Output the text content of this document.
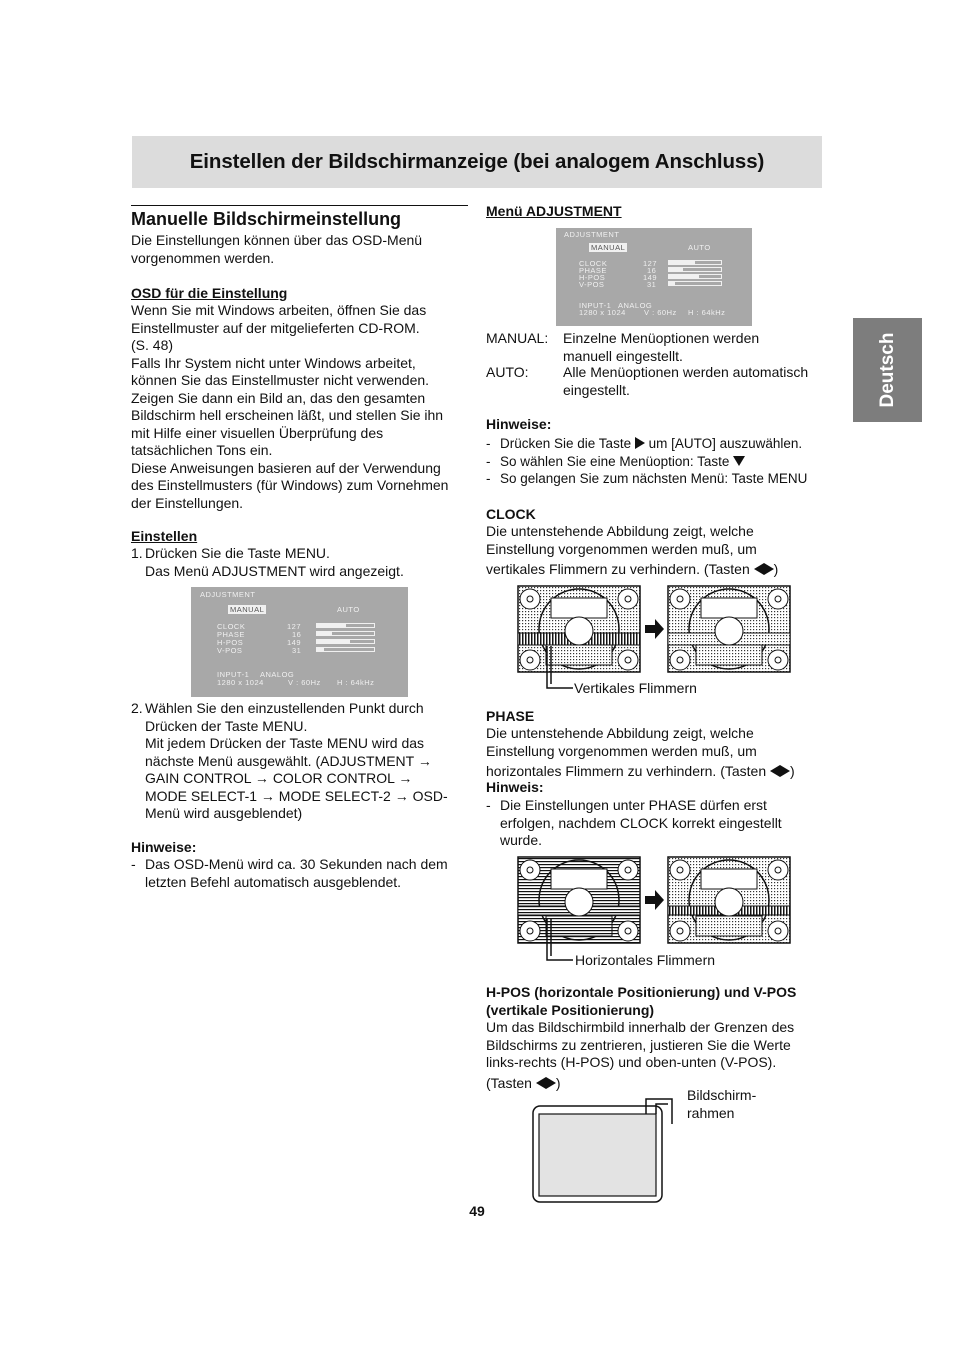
Einstellen der Bildschirmanzeige (bei analogem Anschluss)
Deutsch

Manuelle Bildschirmeinstellung

Die Einstellungen können über das OSD-Menü

vorgenommen werden.

OSD für die Einstellung

Wenn Sie mit Windows arbeiten, öffnen Sie das

Einstellmuster auf der mitgelieferten CD-ROM.

(S. 48)

Falls Ihr System nicht unter Windows arbeitet,

können Sie das Einstellmuster nicht verwenden.

Zeigen Sie dann ein Bild an, das den gesamten

Bildschirm hell erscheinen läßt, und stellen Sie ihn

mit Hilfe einer visuellen Überprüfung des

tatsächlichen Tons ein.

Diese Anweisungen basieren auf der Verwendung

des Einstellmusters (für Windows) zum Vornehmen

der Einstellungen.

Einstellen
1. Drücken Sie die Taste MENU.

Das Menü ADJUSTMENT wird angezeigt.

ADJUSTMENT
MANUAL	AUTO
CLOCK	127
PHASE	16
H-POS	149
V-POS	31
INPUT-1 ANALOG
1280 x 1024	V : 60Hz H : 64kHz
2. Wählen Sie den einzustellenden Punkt durch

Drücken der Taste MENU.

Mit jedem Drücken der Taste MENU wird das

nächste Menü ausgewählt. (ADJUSTMENT →

GAIN CONTROL → COLOR CONTROL →

MODE SELECT-1 → MODE SELECT-2 → OSD-

Menü wird ausgeblendet)

Hinweise:
- Das OSD-Menü wird ca. 30 Sekunden nach dem

letzten Befehl automatisch ausgeblendet.

Menü ADJUSTMENT
ADJUSTMENT
MANUAL	AUTO
CLOCK	127
PHASE	16
H-POS	149
V-POS	31
INPUT-1 ANALOG
1280 x 1024 V : 60Hz H : 64kHz
MANUAL: Einzelne Menüoptionen werden

manuell eingestellt.

AUTO: Alle Menüoptionen werden automatisch

eingestellt.

Hinweise:
- Drücken Sie die Taste um [AUTO] auszuwählen.
- So wählen Sie eine Menüoption: Taste
- So gelangen Sie zum nächsten Menü: Taste MENU
CLOCK

Die untenstehende Abbildung zeigt, welche

Einstellung vorgenommen werden muß, um

vertikales Flimmern zu verhindern. (Tasten )

Vertikales Flimmern
PHASE

Die untenstehende Abbildung zeigt, welche

Einstellung vorgenommen werden muß, um

horizontales Flimmern zu verhindern. (Tasten )

Hinweis:
- Die Einstellungen unter PHASE dürfen erst

erfolgen, nachdem CLOCK korrekt eingestellt

wurde.

Horizontales Flimmern

H-POS (horizontale Positionierung) und V-POS

(vertikale Positionierung)

Um das Bildschirmbild innerhalb der Grenzen des

Bildschirms zu zentrieren, justieren Sie die Werte

links-rechts (H-POS) und oben-unten (V-POS).

(Tasten )

Bildschirm-

rahmen

49
